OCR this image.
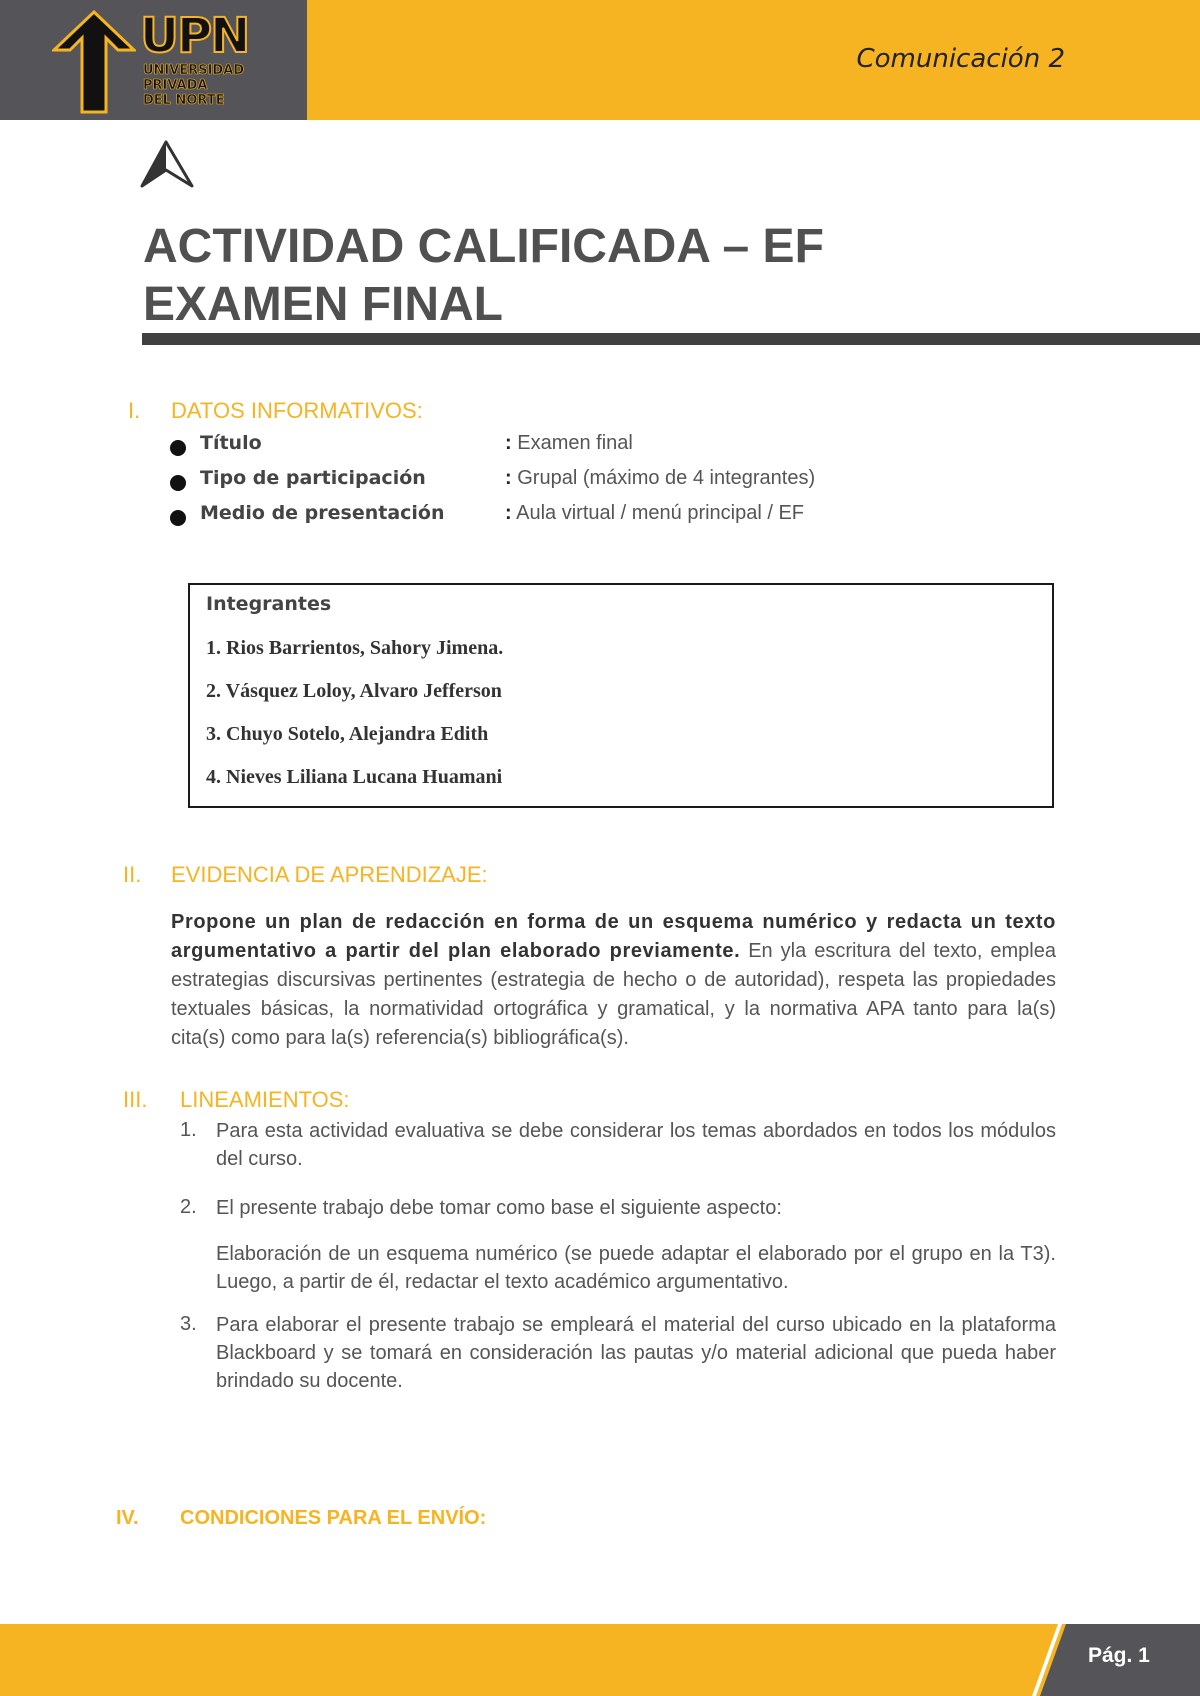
UPN
UNIVERSIDAD
PRIVADA
DEL NORTE
Comunicación 2
ACTIVIDAD CALIFICADA – EF
EXAMEN FINAL
I. DATOS INFORMATIVOS:
Título	: Examen final
Tipo de participación	: Grupal (máximo de 4 integrantes)
Medio de presentación	: Aula virtual / menú principal / EF
Integrantes
1. Rios Barrientos, Sahory Jimena.
2. Vásquez Loloy, Alvaro Jefferson
3. Chuyo Sotelo, Alejandra Edith
4. Nieves Liliana Lucana Huamani
II. EVIDENCIA DE APRENDIZAJE:
Propone un plan de redacción en forma de un esquema numérico y redacta un texto argumentativo a partir del plan elaborado previamente. En yla escritura del texto, emplea estrategias discursivas pertinentes (estrategia de hecho o de autoridad), respeta las propiedades textuales básicas, la normatividad ortográfica y gramatical, y la normativa APA tanto para la(s) cita(s) como para la(s) referencia(s) bibliográfica(s).
III. LINEAMIENTOS:
1. Para esta actividad evaluativa se debe considerar los temas abordados en todos los módulos del curso.
2. El presente trabajo debe tomar como base el siguiente aspecto:
Elaboración de un esquema numérico (se puede adaptar el elaborado por el grupo en la T3). Luego, a partir de él, redactar el texto académico argumentativo.
3. Para elaborar el presente trabajo se empleará el material del curso ubicado en la plataforma Blackboard y se tomará en consideración las pautas y/o material adicional que pueda haber brindado su docente.
IV. CONDICIONES PARA EL ENVÍO:
Pág. 1
